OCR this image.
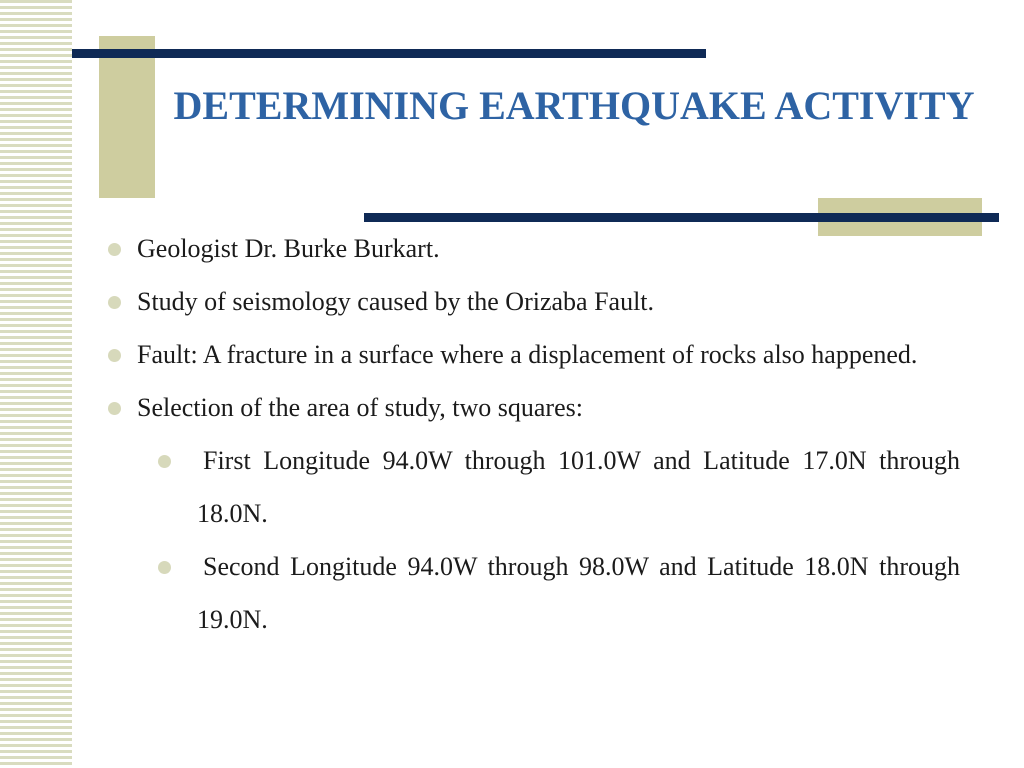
DETERMINING EARTHQUAKE ACTIVITY
Geologist Dr. Burke Burkart.
Study of seismology caused by the Orizaba Fault.
Fault: A fracture in a surface where a displacement of rocks also happened.
Selection of the area of study, two squares:
First Longitude 94.0W through 101.0W and Latitude 17.0N through 18.0N.
Second Longitude 94.0W through 98.0W and Latitude 18.0N through 19.0N.
